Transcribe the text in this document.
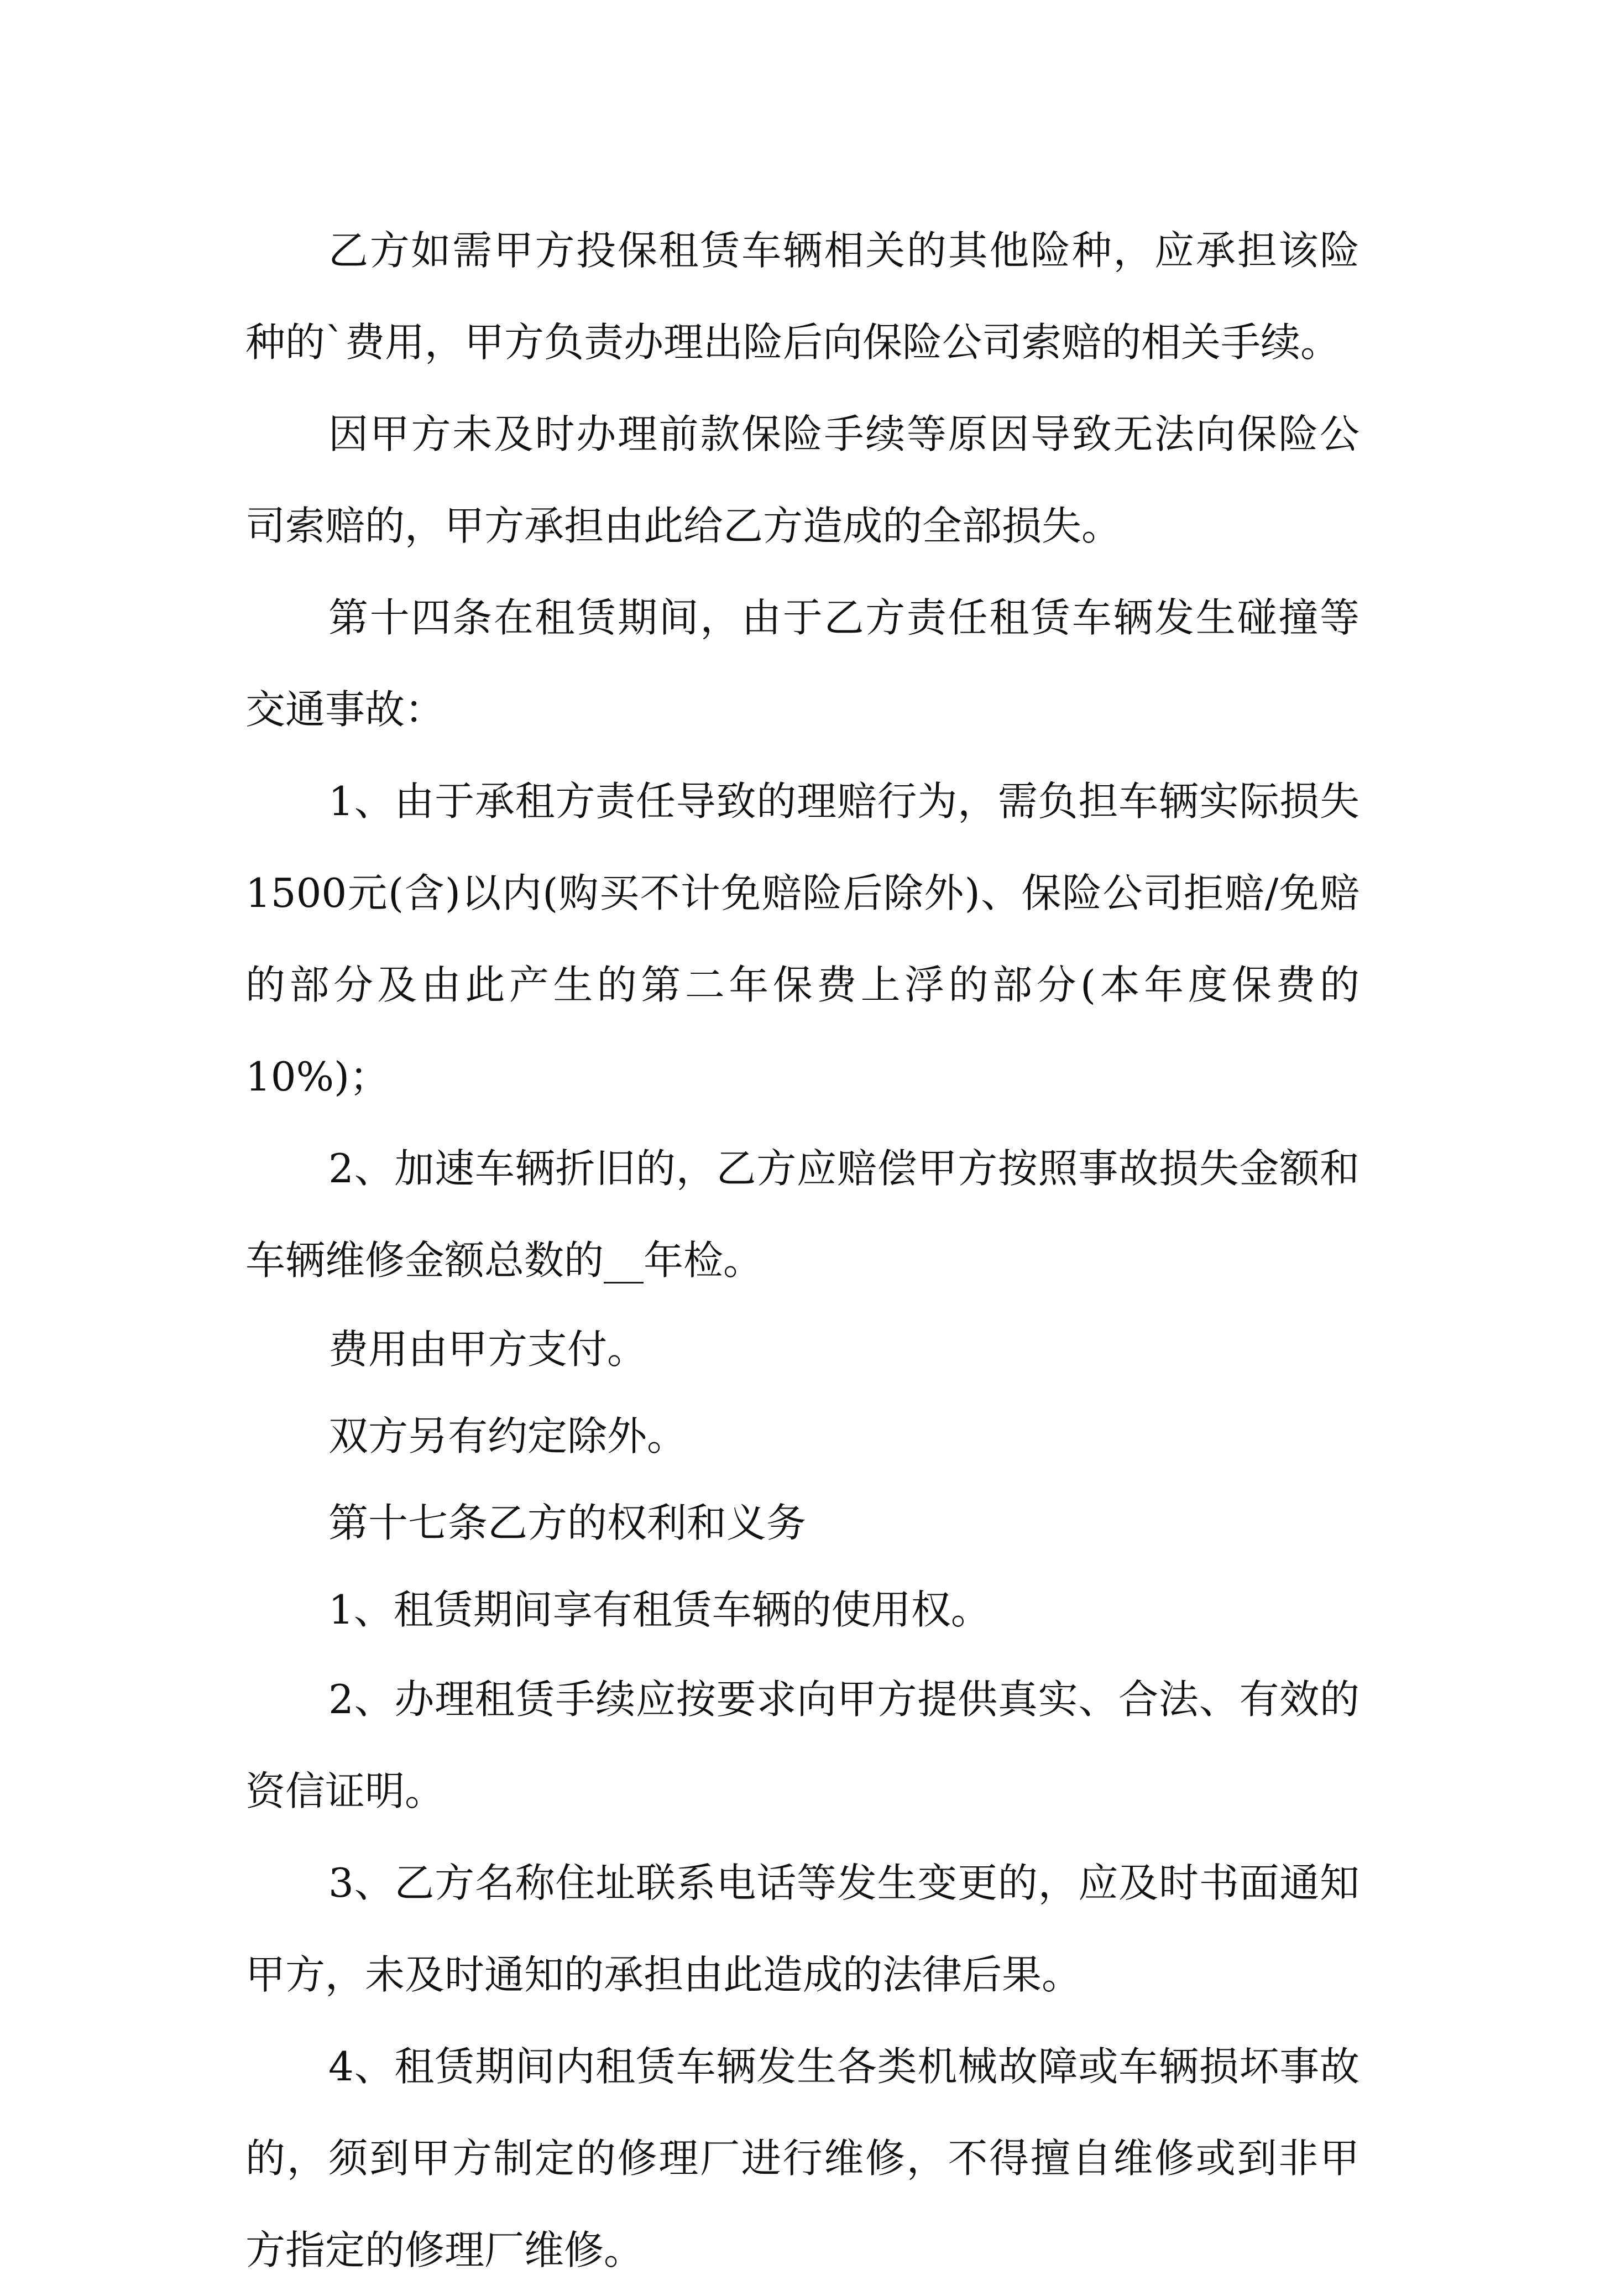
乙方如需甲方投保租赁车辆相关的其他险种，应承担该险种的`费用，甲方负责办理出险后向保险公司索赔的相关手续。

因甲方未及时办理前款保险手续等原因导致无法向保险公司索赔的，甲方承担由此给乙方造成的全部损失。

第十四条在租赁期间，由于乙方责任租赁车辆发生碰撞等交通事故：

1、由于承租方责任导致的理赔行为，需负担车辆实际损失1500元(含)以内(购买不计免赔险后除外)、保险公司拒赔/免赔的部分及由此产生的第二年保费上浮的部分(本年度保费的10%)；

2、加速车辆折旧的，乙方应赔偿甲方按照事故损失金额和车辆维修金额总数的__年检。

费用由甲方支付。

双方另有约定除外。

第十七条乙方的权利和义务

1、租赁期间享有租赁车辆的使用权。

2、办理租赁手续应按要求向甲方提供真实、合法、有效的资信证明。

3、乙方名称住址联系电话等发生变更的，应及时书面通知甲方，未及时通知的承担由此造成的法律后果。

4、租赁期间内租赁车辆发生各类机械故障或车辆损坏事故的，须到甲方制定的修理厂进行维修，不得擅自维修或到非甲方指定的修理厂维修。
